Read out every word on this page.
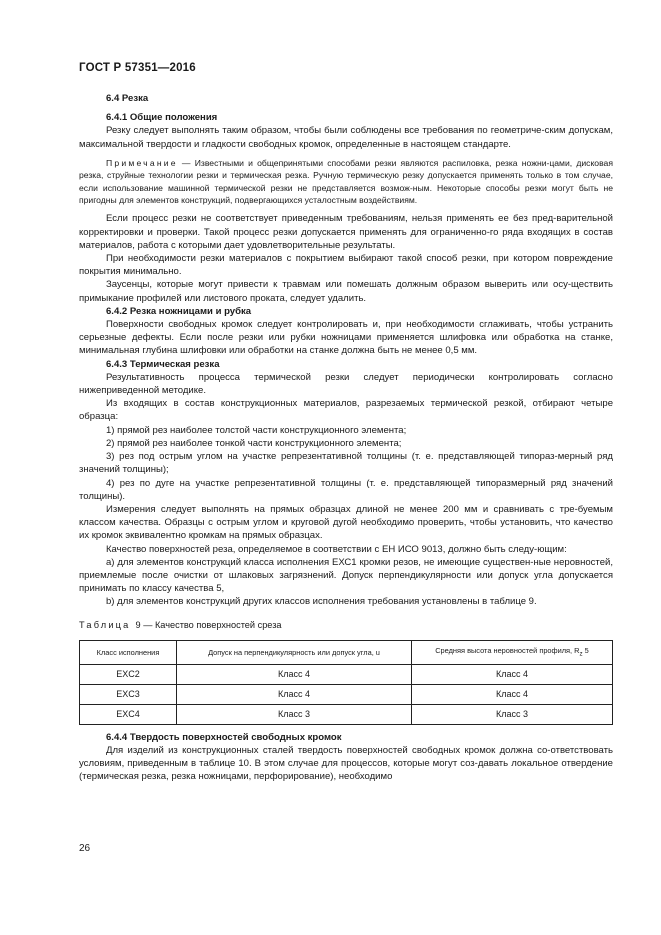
ГОСТ Р 57351—2016

6.4 Резка

6.4.1 Общие положения

Резку следует выполнять таким образом, чтобы были соблюдены все требования по геометриче-ским допускам, максимальной твердости и гладкости свободных кромок, определенные в настоящем стандарте.

Примечание — Известными и общепринятыми способами резки являются распиловка, резка ножни-цами, дисковая резка, струйные технологии резки и термическая резка. Ручную термическую резку допускается применять только в том случае, если использование машинной термической резки не представляется возмож-ным. Некоторые способы резки могут быть не пригодны для элементов конструкций, подвергающихся усталостным воздействиям.

Если процесс резки не соответствует приведенным требованиям, нельзя применять ее без пред-варительной корректировки и проверки. Такой процесс резки допускается применять для ограниченно-го ряда входящих в состав материалов, работа с которыми дает удовлетворительные результаты.

При необходимости резки материалов с покрытием выбирают такой способ резки, при котором повреждение покрытия минимально.

Заусенцы, которые могут привести к травмам или помешать должным образом выверить или осу-ществить примыкание профилей или листового проката, следует удалить.

6.4.2 Резка ножницами и рубка

Поверхности свободных кромок следует контролировать и, при необходимости сглаживать, чтобы устранить серьезные дефекты. Если после резки или рубки ножницами применяется шлифовка или обработка на станке, минимальная глубина шлифовки или обработки на станке должна быть не менее 0,5 мм.

6.4.3 Термическая резка

Результативность процесса термической резки следует периодически контролировать согласно нижеприведенной методике.

Из входящих в состав конструкционных материалов, разрезаемых термической резкой, отбирают четыре образца:

1) прямой рез наиболее толстой части конструкционного элемента;

2) прямой рез наиболее тонкой части конструкционного элемента;

3) рез под острым углом на участке репрезентативной толщины (т. е. представляющей типораз-мерный ряд значений толщины);

4) рез по дуге на участке репрезентативной толщины (т. е. представляющей типоразмерный ряд значений толщины).

Измерения следует выполнять на прямых образцах длиной не менее 200 мм и сравнивать с тре-буемым классом качества. Образцы с острым углом и круговой дугой необходимо проверить, чтобы установить, что качество их кромок эквивалентно кромкам на прямых образцах.

Качество поверхностей реза, определяемое в соответствии с ЕН ИСО 9013, должно быть следу-ющим:

a) для элементов конструкций класса исполнения ЕХС1 кромки резов, не имеющие существен-ные неровностей, приемлемые после очистки от шлаковых загрязнений. Допуск перпендикулярности или допуск угла допускается принимать по классу качества 5,

b) для элементов конструкций других классов исполнения требования установлены в таблице 9.

Таблица 9 — Качество поверхностей среза

Класс исполнения	Допуск на перпендикулярность или допуск угла, u	Средняя высота неровностей профиля, $R_z$ 5
EXC2	Класс 4	Класс 4
EXC3	Класс 4	Класс 4
EXC4	Класс 3	Класс 3

6.4.4 Твердость поверхностей свободных кромок

Для изделий из конструкционных сталей твердость поверхностей свободных кромок должна со-ответствовать условиям, приведенным в таблице 10. В этом случае для процессов, которые могут соз-давать локальное отвердение (термическая резка, резка ножницами, перфорирование), необходимо

26
